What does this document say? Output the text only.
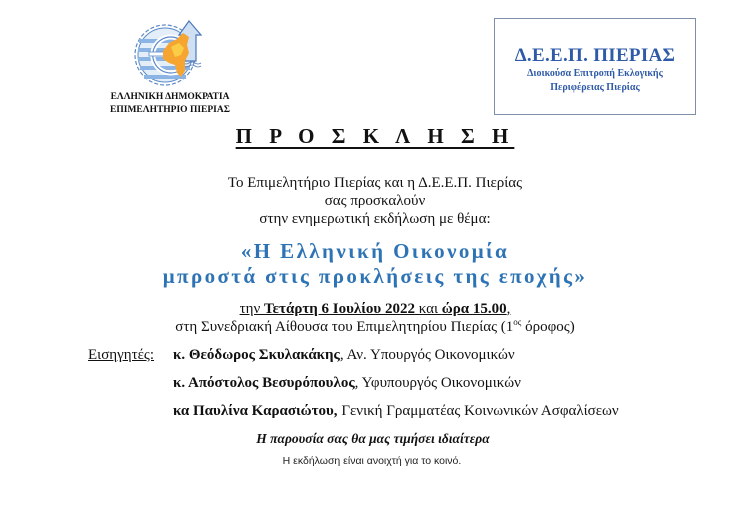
ΕΛΛΗΝΙΚΗ ΔΗΜΟΚΡΑΤΙΑ
ΕΠΙΜΕΛΗΤΗΡΙΟ ΠΙΕΡΙΑΣ
Δ.Ε.Ε.Π. ΠΙΕΡΙΑΣ
Διοικούσα Επιτροπή Εκλογικής
Περιφέρειας Πιερίας
Π Ρ Ο Σ Κ Λ Η Σ Η
Το Επιμελητήριο Πιερίας και η Δ.Ε.Ε.Π. Πιερίας
σας προσκαλούν
στην ενημερωτική εκδήλωση με θέμα:
«Η Ελληνική Οικονομία
μπροστά στις προκλήσεις της εποχής»
την Τετάρτη 6 Ιουλίου 2022 και ώρα 15.00,
στη Συνεδριακή Αίθουσα του Επιμελητηρίου Πιερίας ($1^{o\varsigma}$ όροφος)
Εισηγητές: κ. Θεόδωρος Σκυλακάκης, Αν. Υπουργός Οικονομικών
κ. Απόστολος Βεσυρόπουλος, Υφυπουργός Οικονομικών
κα Παυλίνα Καρασιώτου, Γενική Γραμματέας Κοινωνικών Ασφαλίσεων
Η παρουσία σας θα μας τιμήσει ιδιαίτερα
Η εκδήλωση είναι ανοιχτή για το κοινό.
